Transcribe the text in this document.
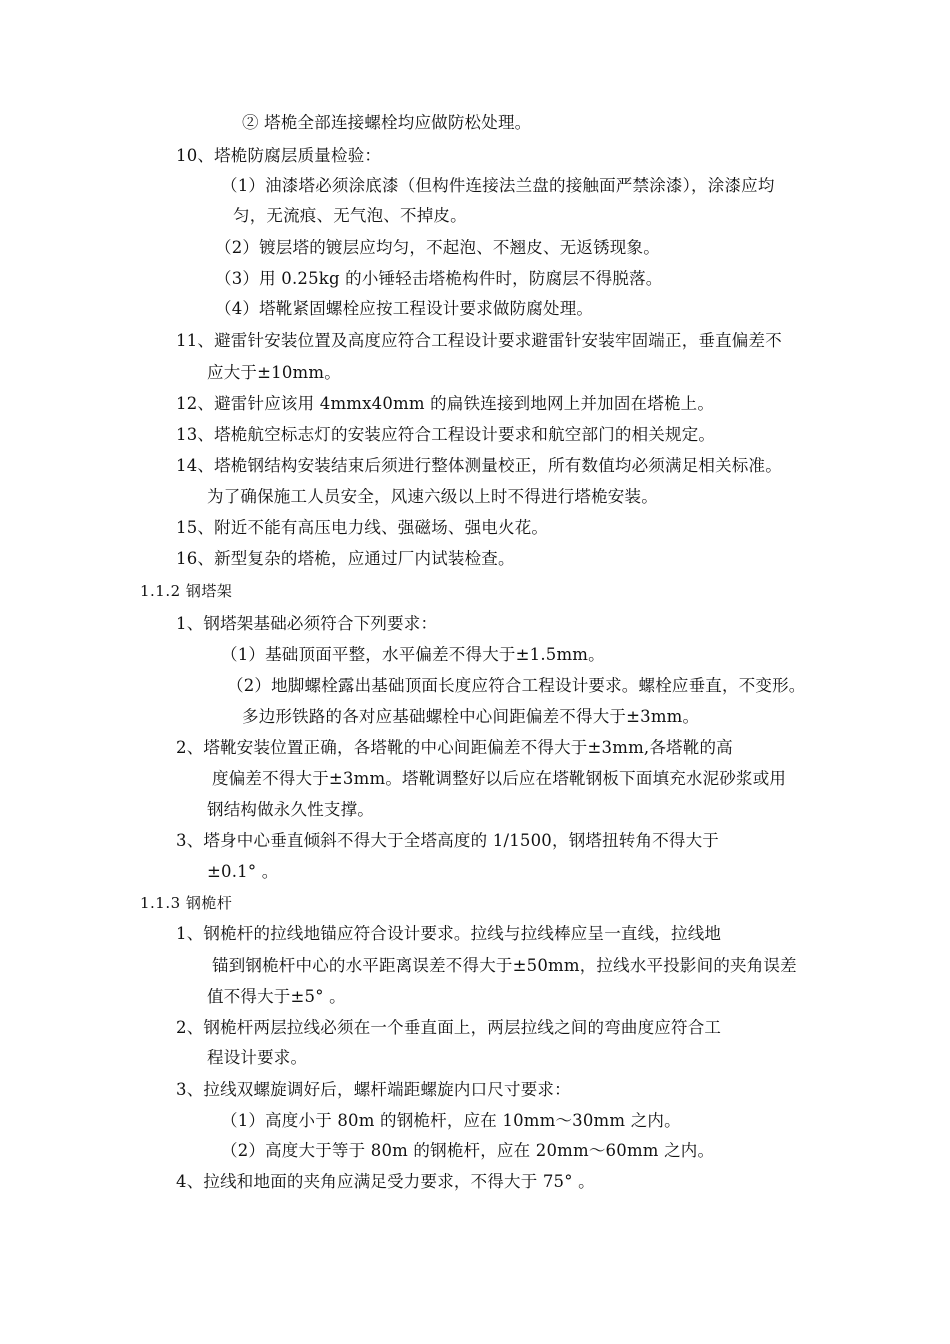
② 塔桅全部连接螺栓均应做防松处理。
10、塔桅防腐层质量检验：
（1）油漆塔必须涂底漆（但构件连接法兰盘的接触面严禁涂漆），涂漆应均
匀，无流痕、无气泡、不掉皮。
（2）镀层塔的镀层应均匀，不起泡、不翘皮、无返锈现象。
（3）用 0.25kg 的小锤轻击塔桅构件时，防腐层不得脱落。
（4）塔靴紧固螺栓应按工程设计要求做防腐处理。
11、避雷针安装位置及高度应符合工程设计要求避雷针安装牢固端正，垂直偏差不
应大于±10mm。
12、避雷针应该用 4mmx40mm 的扁铁连接到地网上并加固在塔桅上。
13、塔桅航空标志灯的安装应符合工程设计要求和航空部门的相关规定。
14、塔桅钢结构安装结束后须进行整体测量校正，所有数值均必须满足相关标准。
为了确保施工人员安全，风速六级以上时不得进行塔桅安装。
15、附近不能有高压电力线、强磁场、强电火花。
16、新型复杂的塔桅，应通过厂内试装检查。
1.1.2 钢塔架
1、钢塔架基础必须符合下列要求：
（1）基础顶面平整，水平偏差不得大于±1.5mm。
（2）地脚螺栓露出基础顶面长度应符合工程设计要求。螺栓应垂直，不变形。
多边形铁路的各对应基础螺栓中心间距偏差不得大于±3mm。
2、塔靴安装位置正确，各塔靴的中心间距偏差不得大于±3mm,各塔靴的高
度偏差不得大于±3mm。塔靴调整好以后应在塔靴钢板下面填充水泥砂浆或用
钢结构做永久性支撑。
3、塔身中心垂直倾斜不得大于全塔高度的 1/1500，钢塔扭转角不得大于
±0.1° 。
1.1.3 钢桅杆
1、钢桅杆的拉线地锚应符合设计要求。拉线与拉线棒应呈一直线，拉线地
锚到钢桅杆中心的水平距离误差不得大于±50mm，拉线水平投影间的夹角误差
值不得大于±5° 。
2、钢桅杆两层拉线必须在一个垂直面上，两层拉线之间的弯曲度应符合工
程设计要求。
3、拉线双螺旋调好后，螺杆端距螺旋内口尺寸要求：
（1）高度小于 80m 的钢桅杆，应在 10mm～30mm 之内。
（2）高度大于等于 80m 的钢桅杆，应在 20mm～60mm 之内。
4、拉线和地面的夹角应满足受力要求，不得大于 75° 。
